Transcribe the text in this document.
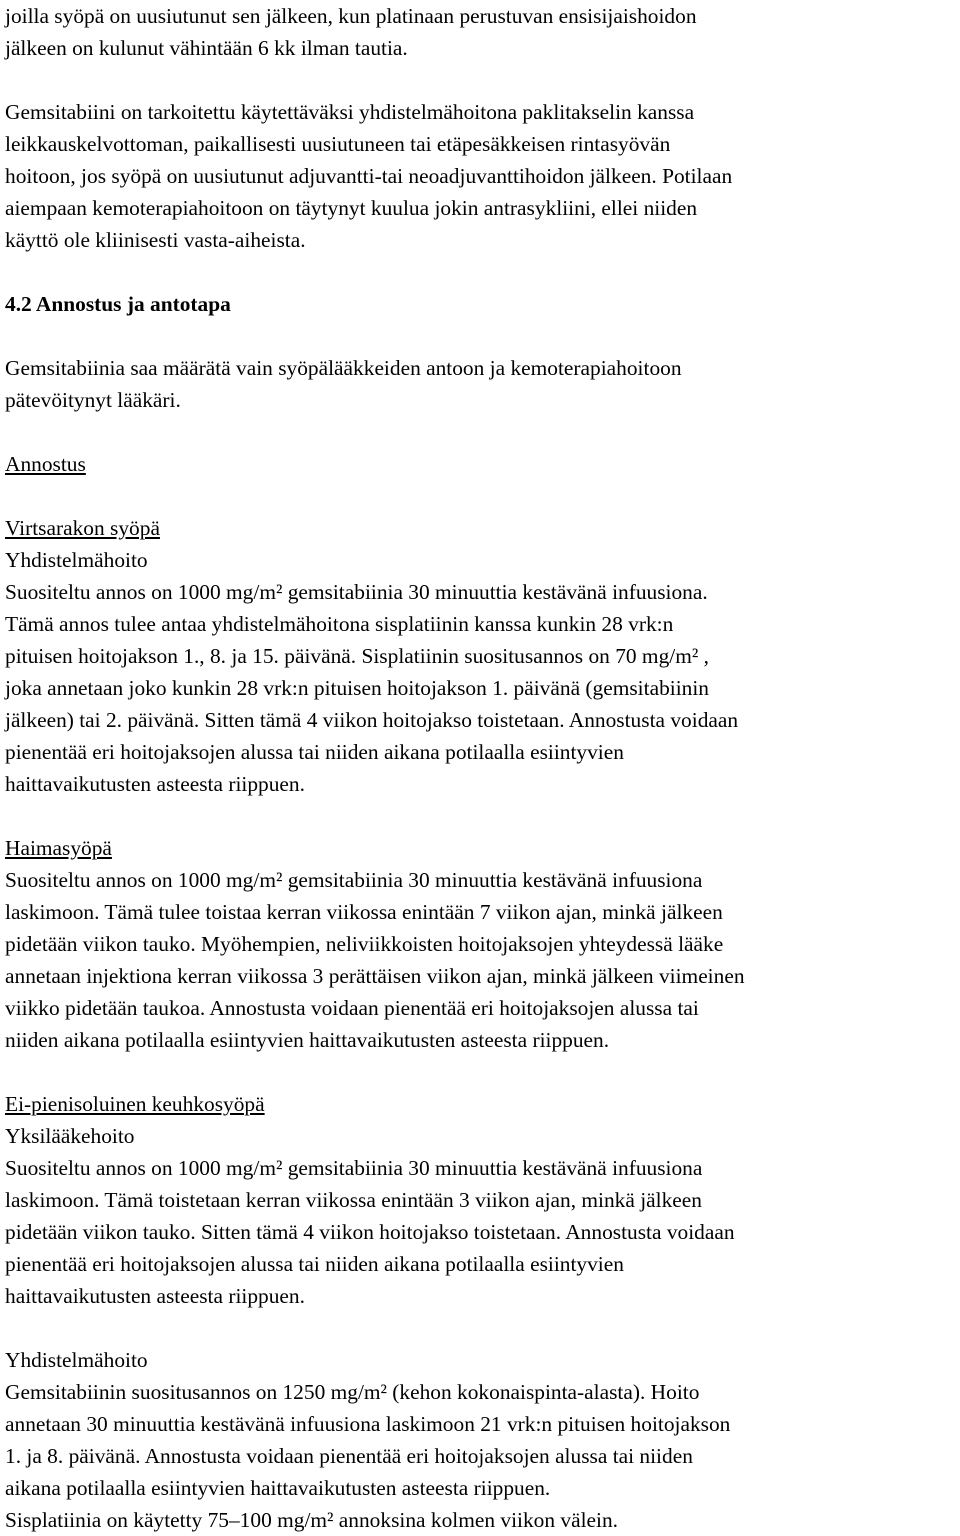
joilla syöpä on uusiutunut sen jälkeen, kun platinaan perustuvan ensisijaishoidon
jälkeen on kulunut vähintään 6 kk ilman tautia.

Gemsitabiini on tarkoitettu käytettäväksi yhdistelmähoitona paklitakselin kanssa
leikkauskelvottoman, paikallisesti uusiutuneen tai etäpesäkkeisen rintasyövän
hoitoon, jos syöpä on uusiutunut adjuvantti-tai neoadjuvanttihoidon jälkeen. Potilaan
aiempaan kemoterapiahoitoon on täytynyt kuulua jokin antrasykliini, ellei niiden
käyttö ole kliinisesti vasta-aiheista.

4.2 Annostus ja antotapa

Gemsitabiinia saa määrätä vain syöpälääkkeiden antoon ja kemoterapiahoitoon
pätevöitynyt lääkäri.

Annostus

Virtsarakon syöpä
Yhdistelmähoito
Suositeltu annos on 1000 mg/m² gemsitabiinia 30 minuuttia kestävänä infuusiona.
Tämä annos tulee antaa yhdistelmähoitona sisplatiinin kanssa kunkin 28 vrk:n
pituisen hoitojakson 1., 8. ja 15. päivänä. Sisplatiinin suositusannos on 70 mg/m² ,
joka annetaan joko kunkin 28 vrk:n pituisen hoitojakson 1. päivänä (gemsitabiinin
jälkeen) tai 2. päivänä. Sitten tämä 4 viikon hoitojakso toistetaan. Annostusta voidaan
pienentää eri hoitojaksojen alussa tai niiden aikana potilaalla esiintyvien
haittavaikutusten asteesta riippuen.

Haimasyöpä
Suositeltu annos on 1000 mg/m² gemsitabiinia 30 minuuttia kestävänä infuusiona
laskimoon. Tämä tulee toistaa kerran viikossa enintään 7 viikon ajan, minkä jälkeen
pidetään viikon tauko. Myöhempien, neliviikkoisten hoitojaksojen yhteydessä lääke
annetaan injektiona kerran viikossa 3 perättäisen viikon ajan, minkä jälkeen viimeinen
viikko pidetään taukoa. Annostusta voidaan pienentää eri hoitojaksojen alussa tai
niiden aikana potilaalla esiintyvien haittavaikutusten asteesta riippuen.

Ei-pienisoluinen keuhkosyöpä
Yksilääkehoito
Suositeltu annos on 1000 mg/m² gemsitabiinia 30 minuuttia kestävänä infuusiona
laskimoon. Tämä toistetaan kerran viikossa enintään 3 viikon ajan, minkä jälkeen
pidetään viikon tauko. Sitten tämä 4 viikon hoitojakso toistetaan. Annostusta voidaan
pienentää eri hoitojaksojen alussa tai niiden aikana potilaalla esiintyvien
haittavaikutusten asteesta riippuen.

Yhdistelmähoito
Gemsitabiinin suositusannos on 1250 mg/m² (kehon kokonaispinta-alasta). Hoito
annetaan 30 minuuttia kestävänä infuusiona laskimoon 21 vrk:n pituisen hoitojakson
1. ja 8. päivänä. Annostusta voidaan pienentää eri hoitojaksojen alussa tai niiden
aikana potilaalla esiintyvien haittavaikutusten asteesta riippuen.
Sisplatiinia on käytetty 75–100 mg/m² annoksina kolmen viikon välein.
